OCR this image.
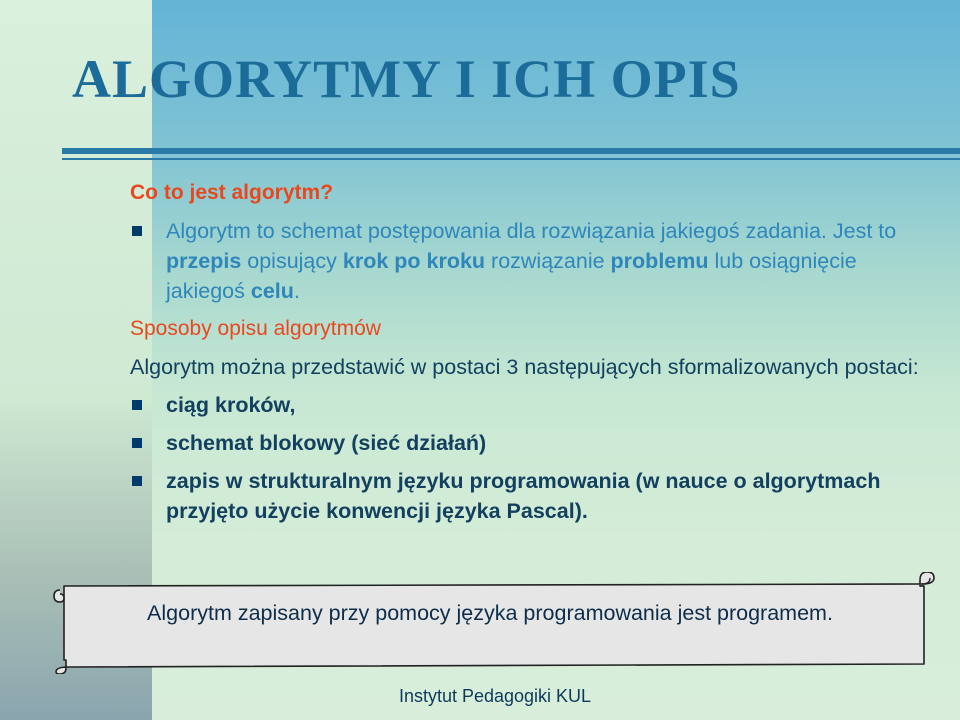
ALGORYTMY I ICH OPIS
Co to jest algorytm?
Algorytm to schemat postępowania dla rozwiązania jakiegoś zadania. Jest to przepis opisujący krok po kroku rozwiązanie problemu lub osiągnięcie jakiegoś celu.
Sposoby opisu algorytmów
Algorytm można przedstawić w postaci 3 następujących sformalizowanych postaci:
ciąg kroków,
schemat blokowy (sieć działań)
zapis w strukturalnym języku programowania (w nauce o algorytmach przyjęto użycie konwencji języka Pascal).
Algorytm zapisany przy pomocy języka programowania jest programem.
Instytut Pedagogiki KUL
